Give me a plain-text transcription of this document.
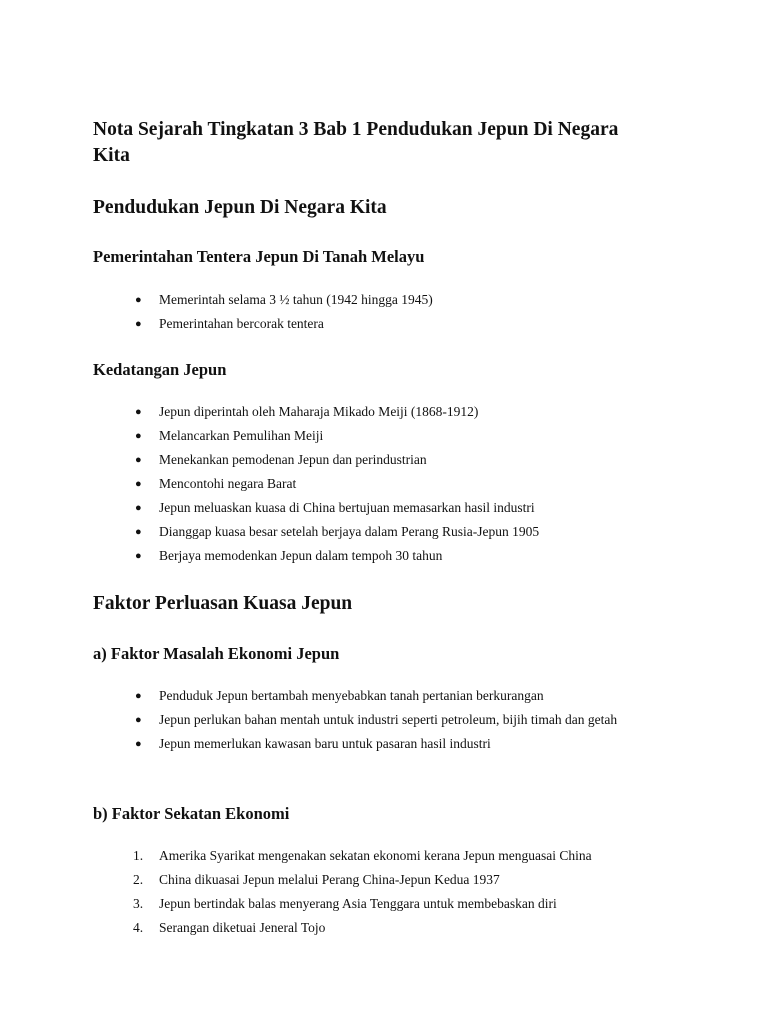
Nota Sejarah Tingkatan 3 Bab 1 Pendudukan Jepun Di Negara Kita
Pendudukan Jepun Di Negara Kita
Pemerintahan Tentera Jepun Di Tanah Melayu
● Memerintah selama 3 ½ tahun (1942 hingga 1945)
● Pemerintahan bercorak tentera
Kedatangan Jepun
● Jepun diperintah oleh Maharaja Mikado Meiji (1868-1912)
● Melancarkan Pemulihan Meiji
● Menekankan pemodenan Jepun dan perindustrian
● Mencontohi negara Barat
● Jepun meluaskan kuasa di China bertujuan memasarkan hasil industri
● Dianggap kuasa besar setelah berjaya dalam Perang Rusia-Jepun 1905
● Berjaya memodenkan Jepun dalam tempoh 30 tahun
Faktor Perluasan Kuasa Jepun
a) Faktor Masalah Ekonomi Jepun
● Penduduk Jepun bertambah menyebabkan tanah pertanian berkurangan
● Jepun perlukan bahan mentah untuk industri seperti petroleum, bijih timah dan getah
● Jepun memerlukan kawasan baru untuk pasaran hasil industri
b) Faktor Sekatan Ekonomi
1. Amerika Syarikat mengenakan sekatan ekonomi kerana Jepun menguasai China
2. China dikuasai Jepun melalui Perang China-Jepun Kedua 1937
3. Jepun bertindak balas menyerang Asia Tenggara untuk membebaskan diri
4. Serangan diketuai Jeneral Tojo
